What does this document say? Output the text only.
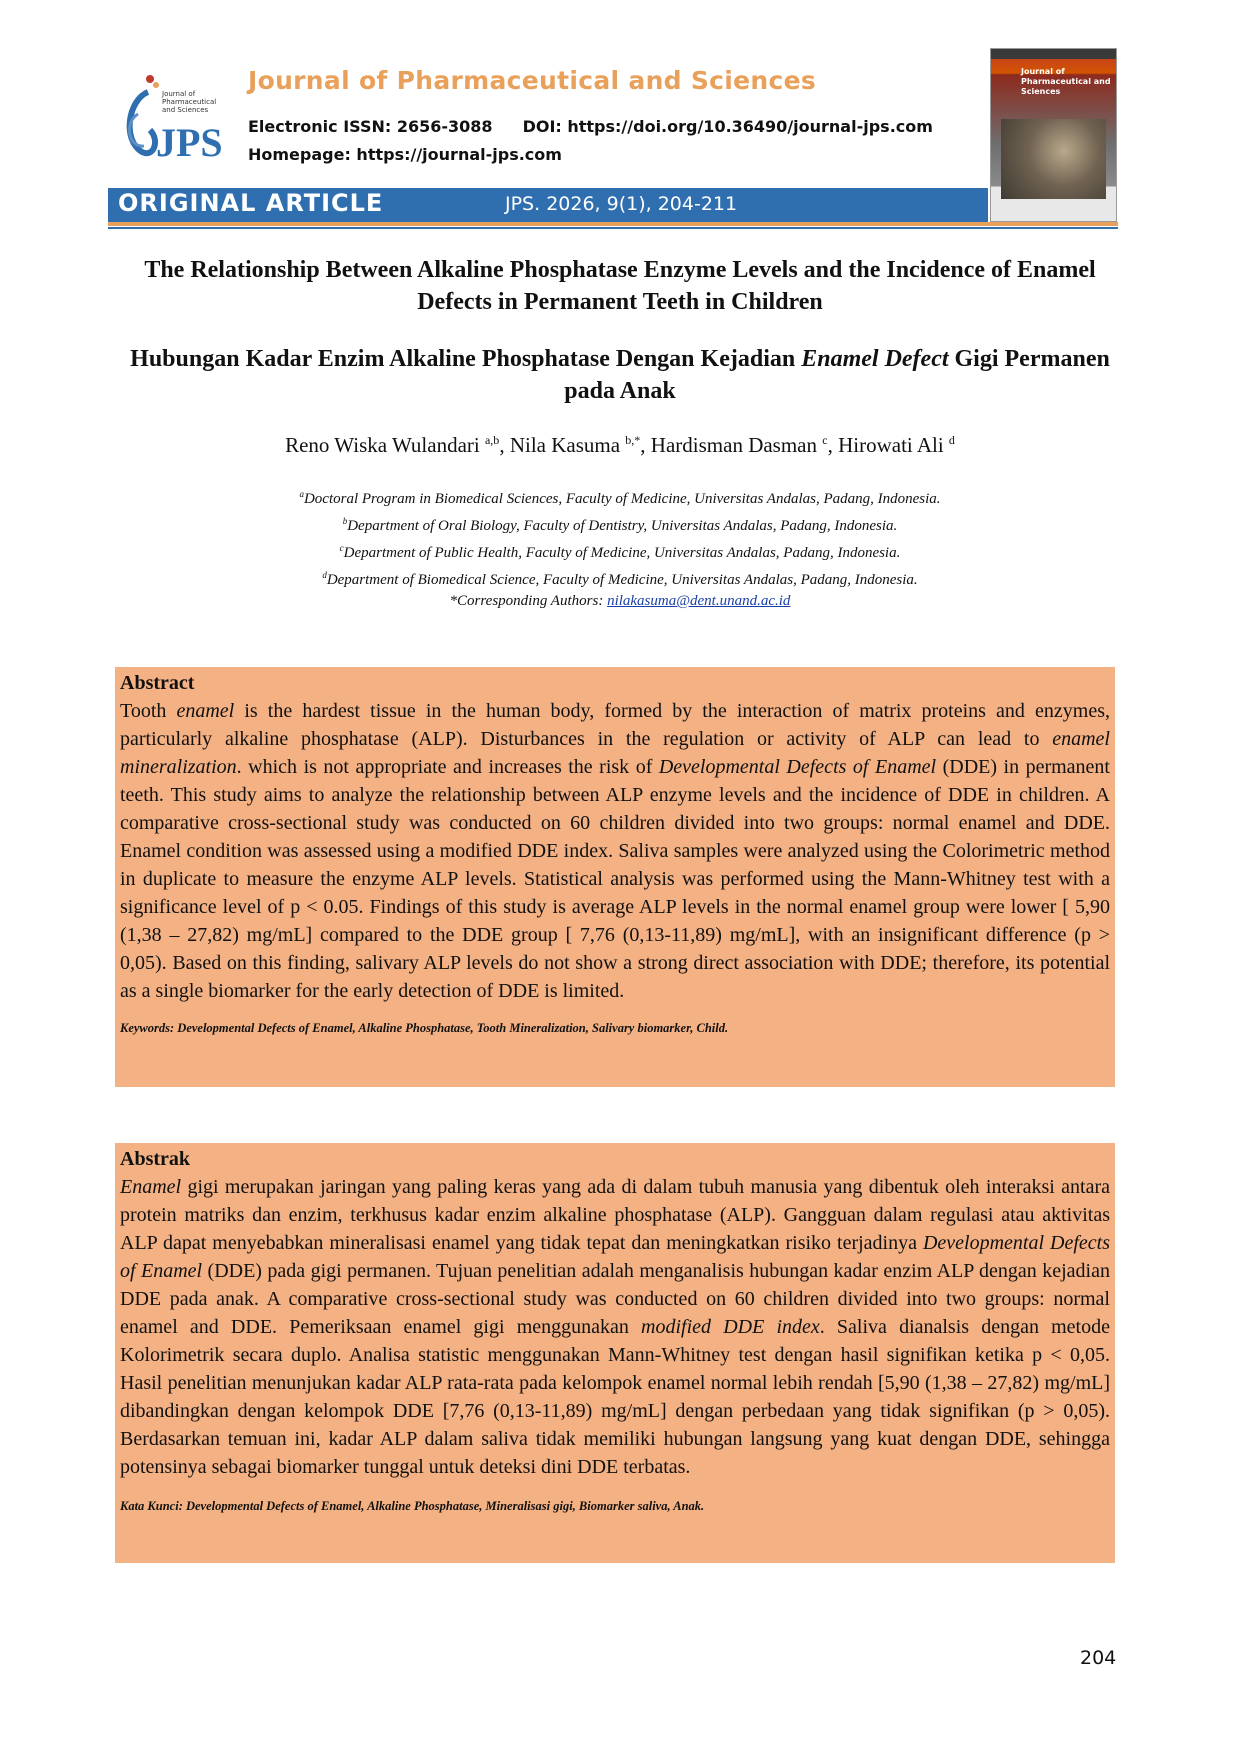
JPS
Journal of Pharmaceutical and Sciences
Journal of Pharmaceutical and Sciences
Electronic ISSN: 2656-3088 DOI: https://doi.org/10.36490/journal-jps.com
Homepage: https://journal-jps.com
Journal of Pharmaceutical and Sciences
ORIGINAL ARTICLE	JPS. 2026, 9(1), 204-211
The Relationship Between Alkaline Phosphatase Enzyme Levels and the Incidence of Enamel Defects in Permanent Teeth in Children
Hubungan Kadar Enzim Alkaline Phosphatase Dengan Kejadian Enamel Defect Gigi Permanen pada Anak
Reno Wiska Wulandari $^{a,b}$, Nila Kasuma $^{b,*}$, Hardisman Dasman $^c$, Hirowati Ali $^d$
$^a$Doctoral Program in Biomedical Sciences, Faculty of Medicine, Universitas Andalas, Padang, Indonesia.
$^b$Department of Oral Biology, Faculty of Dentistry, Universitas Andalas, Padang, Indonesia.
$^c$Department of Public Health, Faculty of Medicine, Universitas Andalas, Padang, Indonesia.
$^d$Department of Biomedical Science, Faculty of Medicine, Universitas Andalas, Padang, Indonesia.
*Corresponding Authors: nilakasuma@dent.unand.ac.id
Abstract

Tooth enamel is the hardest tissue in the human body, formed by the interaction of matrix proteins and enzymes, particularly alkaline phosphatase (ALP). Disturbances in the regulation or activity of ALP can lead to enamel mineralization. which is not appropriate and increases the risk of Developmental Defects of Enamel (DDE) in permanent teeth. This study aims to analyze the relationship between ALP enzyme levels and the incidence of DDE in children. A comparative cross-sectional study was conducted on 60 children divided into two groups: normal enamel and DDE. Enamel condition was assessed using a modified DDE index. Saliva samples were analyzed using the Colorimetric method in duplicate to measure the enzyme ALP levels. Statistical analysis was performed using the Mann-Whitney test with a significance level of p < 0.05. Findings of this study is average ALP levels in the normal enamel group were lower [ 5,90 (1,38 – 27,82) mg/mL] compared to the DDE group [ 7,76 (0,13-11,89) mg/mL], with an insignificant difference (p > 0,05). Based on this finding, salivary ALP levels do not show a strong direct association with DDE; therefore, its potential as a single biomarker for the early detection of DDE is limited.

Keywords: Developmental Defects of Enamel, Alkaline Phosphatase, Tooth Mineralization, Salivary biomarker, Child.

Abstrak

Enamel gigi merupakan jaringan yang paling keras yang ada di dalam tubuh manusia yang dibentuk oleh interaksi antara protein matriks dan enzim, terkhusus kadar enzim alkaline phosphatase (ALP). Gangguan dalam regulasi atau aktivitas ALP dapat menyebabkan mineralisasi enamel yang tidak tepat dan meningkatkan risiko terjadinya Developmental Defects of Enamel (DDE) pada gigi permanen. Tujuan penelitian adalah menganalisis hubungan kadar enzim ALP dengan kejadian DDE pada anak. A comparative cross-sectional study was conducted on 60 children divided into two groups: normal enamel and DDE. Pemeriksaan enamel gigi menggunakan modified DDE index. Saliva dianalsis dengan metode Kolorimetrik secara duplo. Analisa statistic menggunakan Mann-Whitney test dengan hasil signifikan ketika p < 0,05. Hasil penelitian menunjukan kadar ALP rata-rata pada kelompok enamel normal lebih rendah [5,90 (1,38 – 27,82) mg/mL] dibandingkan dengan kelompok DDE [7,76 (0,13-11,89) mg/mL] dengan perbedaan yang tidak signifikan (p > 0,05). Berdasarkan temuan ini, kadar ALP dalam saliva tidak memiliki hubungan langsung yang kuat dengan DDE, sehingga potensinya sebagai biomarker tunggal untuk deteksi dini DDE terbatas.

Kata Kunci: Developmental Defects of Enamel, Alkaline Phosphatase, Mineralisasi gigi, Biomarker saliva, Anak.

204
